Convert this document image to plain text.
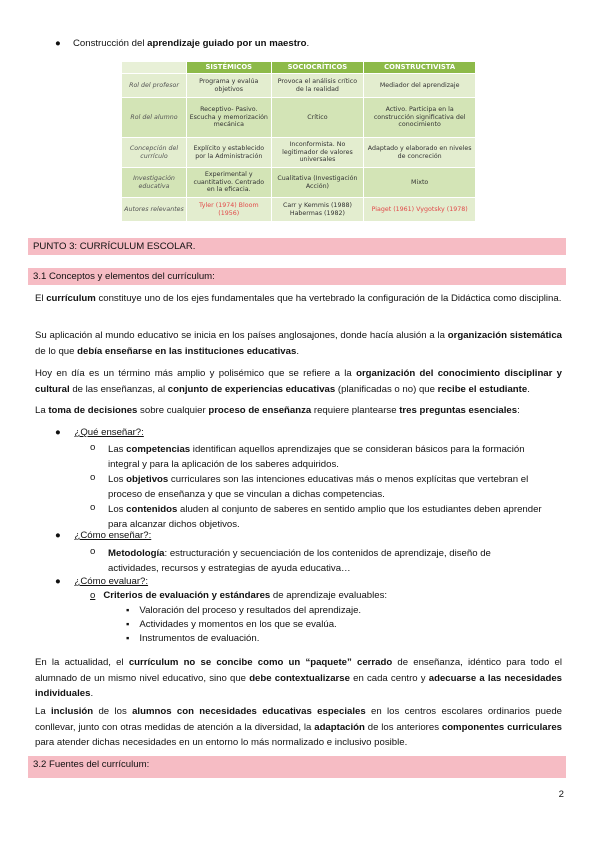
● Construcción del aprendizaje guiado por un maestro.
	SISTÉMICOS	SOCIOCRÍTICOS	CONSTRUCTIVISTA
Rol del profesor	Programa y evalúa objetivos	Provoca el análisis crítico de la realidad	Mediador del aprendizaje
Rol del alumno	Receptivo- Pasivo. Escucha y memorización mecánica	Crítico	Activo. Participa en la construcción significativa del conocimiento
Concepción del currículo	Explícito y establecido por la Administración	Inconformista. No legitimador de valores universales	Adaptado y elaborado en niveles de concreción
Investigación educativa	Experimental y cuantitativo. Centrado en la eficacia.	Cualitativa (Investigación Acción)	Mixto
Autores relevantes	Tyler (1974) Bloom (1956)	Carr y Kemmis (1988) Habermas (1982)	Piaget (1961) Vygotsky (1978)
PUNTO 3: CURRÍCULUM ESCOLAR.
3.1 Conceptos y elementos del currículum:
El currículum constituye uno de los ejes fundamentales que ha vertebrado la configuración de la Didáctica como disciplina.
Su aplicación al mundo educativo se inicia en los países anglosajones, donde hacía alusión a la organización sistemática de lo que debía enseñarse en las instituciones educativas.
Hoy en día es un término más amplio y polisémico que se refiere a la organización del conocimiento disciplinar y cultural de las enseñanzas, al conjunto de experiencias educativas (planificadas o no) que recibe el estudiante.
La toma de decisiones sobre cualquier proceso de enseñanza requiere plantearse tres preguntas esenciales:
● ¿Qué enseñar?:
o Las competencias identifican aquellos aprendizajes que se consideran básicos para la formación
integral y para la aplicación de los saberes adquiridos.
o Los objetivos curriculares son las intenciones educativas más o menos explícitas que vertebran el
proceso de enseñanza y que se vinculan a dichas competencias.
o Los contenidos aluden al conjunto de saberes en sentido amplio que los estudiantes deben aprender
para alcanzar dichos objetivos.
● ¿Cómo enseñar?:
o Metodología: estructuración y secuenciación de los contenidos de aprendizaje, diseño de
actividades, recursos y estrategias de ayuda educativa…
● ¿Cómo evaluar?:
o Criterios de evaluación y estándares de aprendizaje evaluables:
▪ Valoración del proceso y resultados del aprendizaje.
▪ Actividades y momentos en los que se evalúa.
▪ Instrumentos de evaluación.
En la actualidad, el currículum no se concibe como un “paquete” cerrado de enseñanza, idéntico para todo el alumnado de un mismo nivel educativo, sino que debe contextualizarse en cada centro y adecuarse a las necesidades individuales.
La inclusión de los alumnos con necesidades educativas especiales en los centros escolares ordinarios puede conllevar, junto con otras medidas de atención a la diversidad, la adaptación de los anteriores componentes curriculares para atender dichas necesidades en un entorno lo más normalizado e inclusivo posible.
3.2 Fuentes del currículum:
2
